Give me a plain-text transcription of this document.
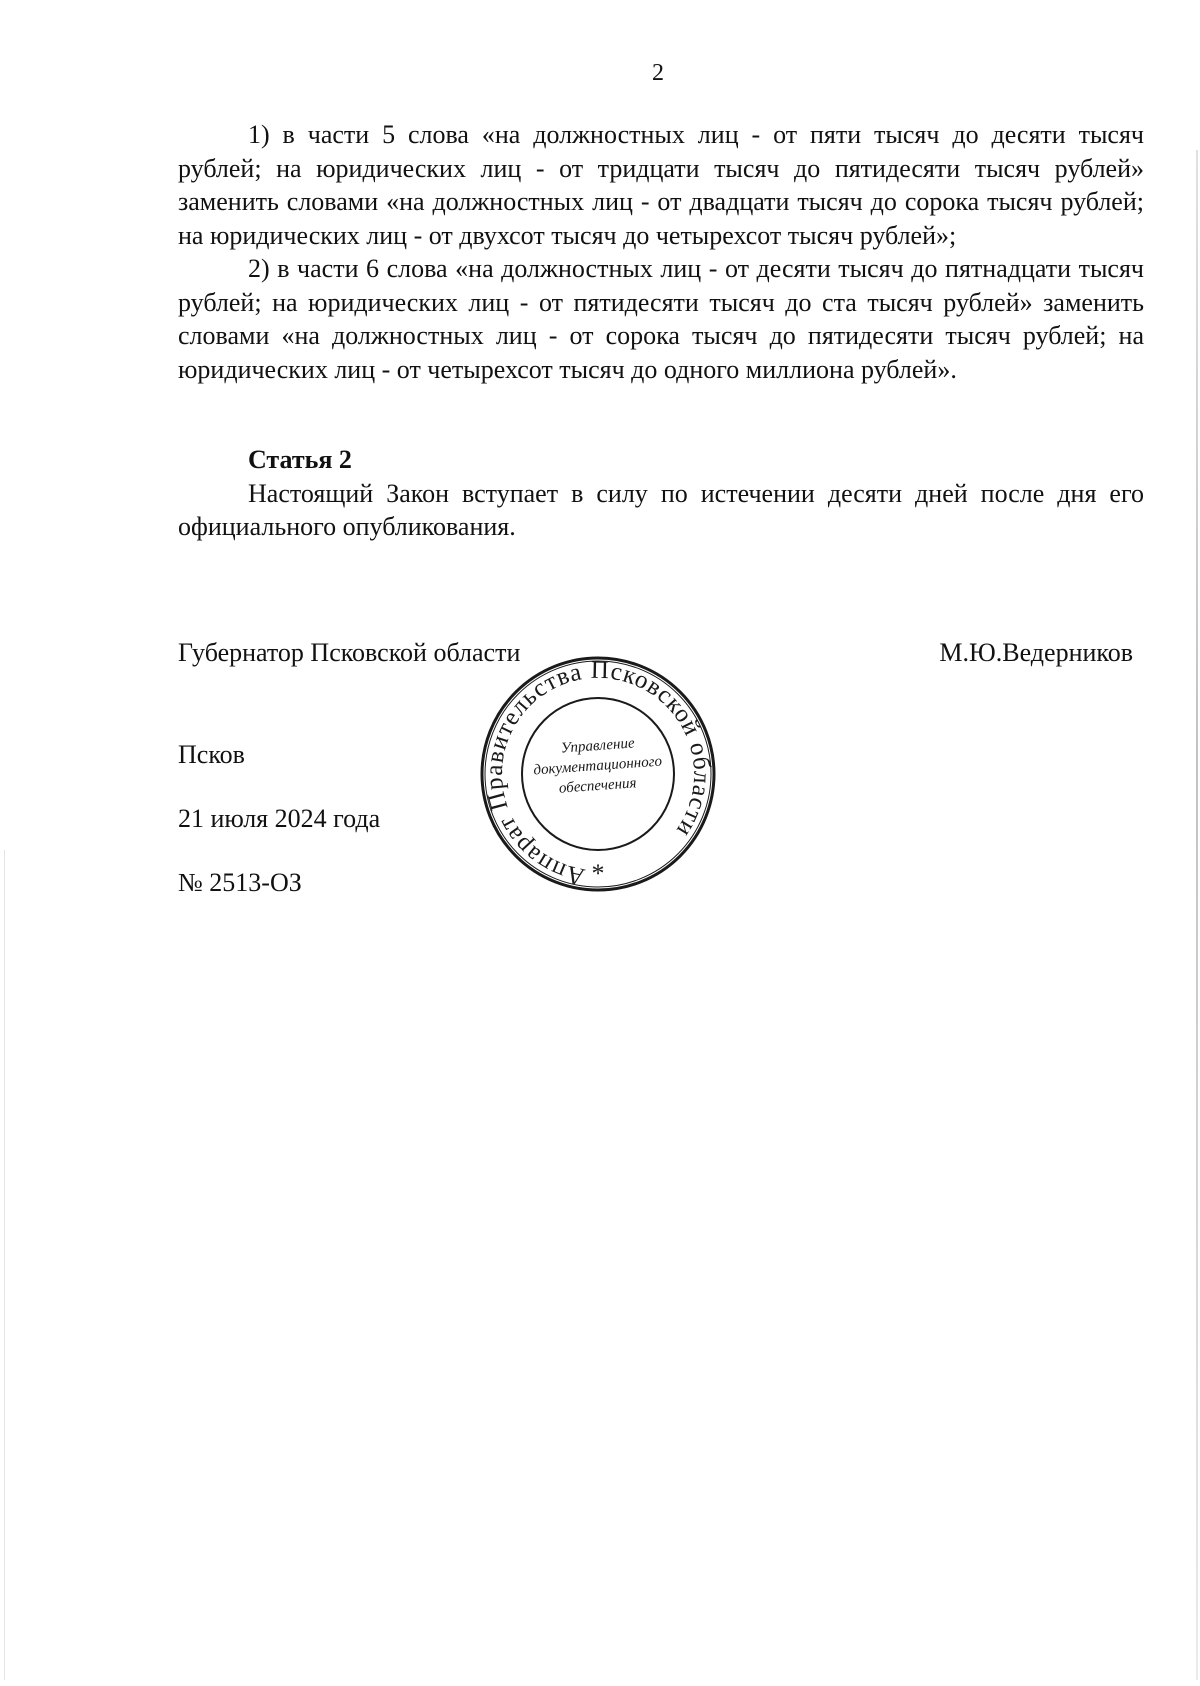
2

1) в части 5 слова «на должностных лиц - от пяти тысяч до десяти тысяч рублей; на юридических лиц - от тридцати тысяч до пятидесяти тысяч рублей» заменить словами «на должностных лиц - от двадцати тысяч до сорока тысяч рублей; на юридических лиц - от двухсот тысяч до четырехсот тысяч рублей»;

2) в части 6 слова «на должностных лиц - от десяти тысяч до пятнадцати тысяч рублей; на юридических лиц - от пятидесяти тысяч до ста тысяч рублей» заменить словами «на должностных лиц - от сорока тысяч до пятидесяти тысяч рублей; на юридических лиц - от четырехсот тысяч до одного миллиона рублей».

Статья 2

Настоящий Закон вступает в силу по истечении десяти дней после дня его официального опубликования.

Губернатор Псковской области	М.Ю.Ведерников
Псков
21 июля 2024 года
№ 2513-ОЗ	Аппарат Правительства Псковской области
Управление
документационного
обеспечения
*
